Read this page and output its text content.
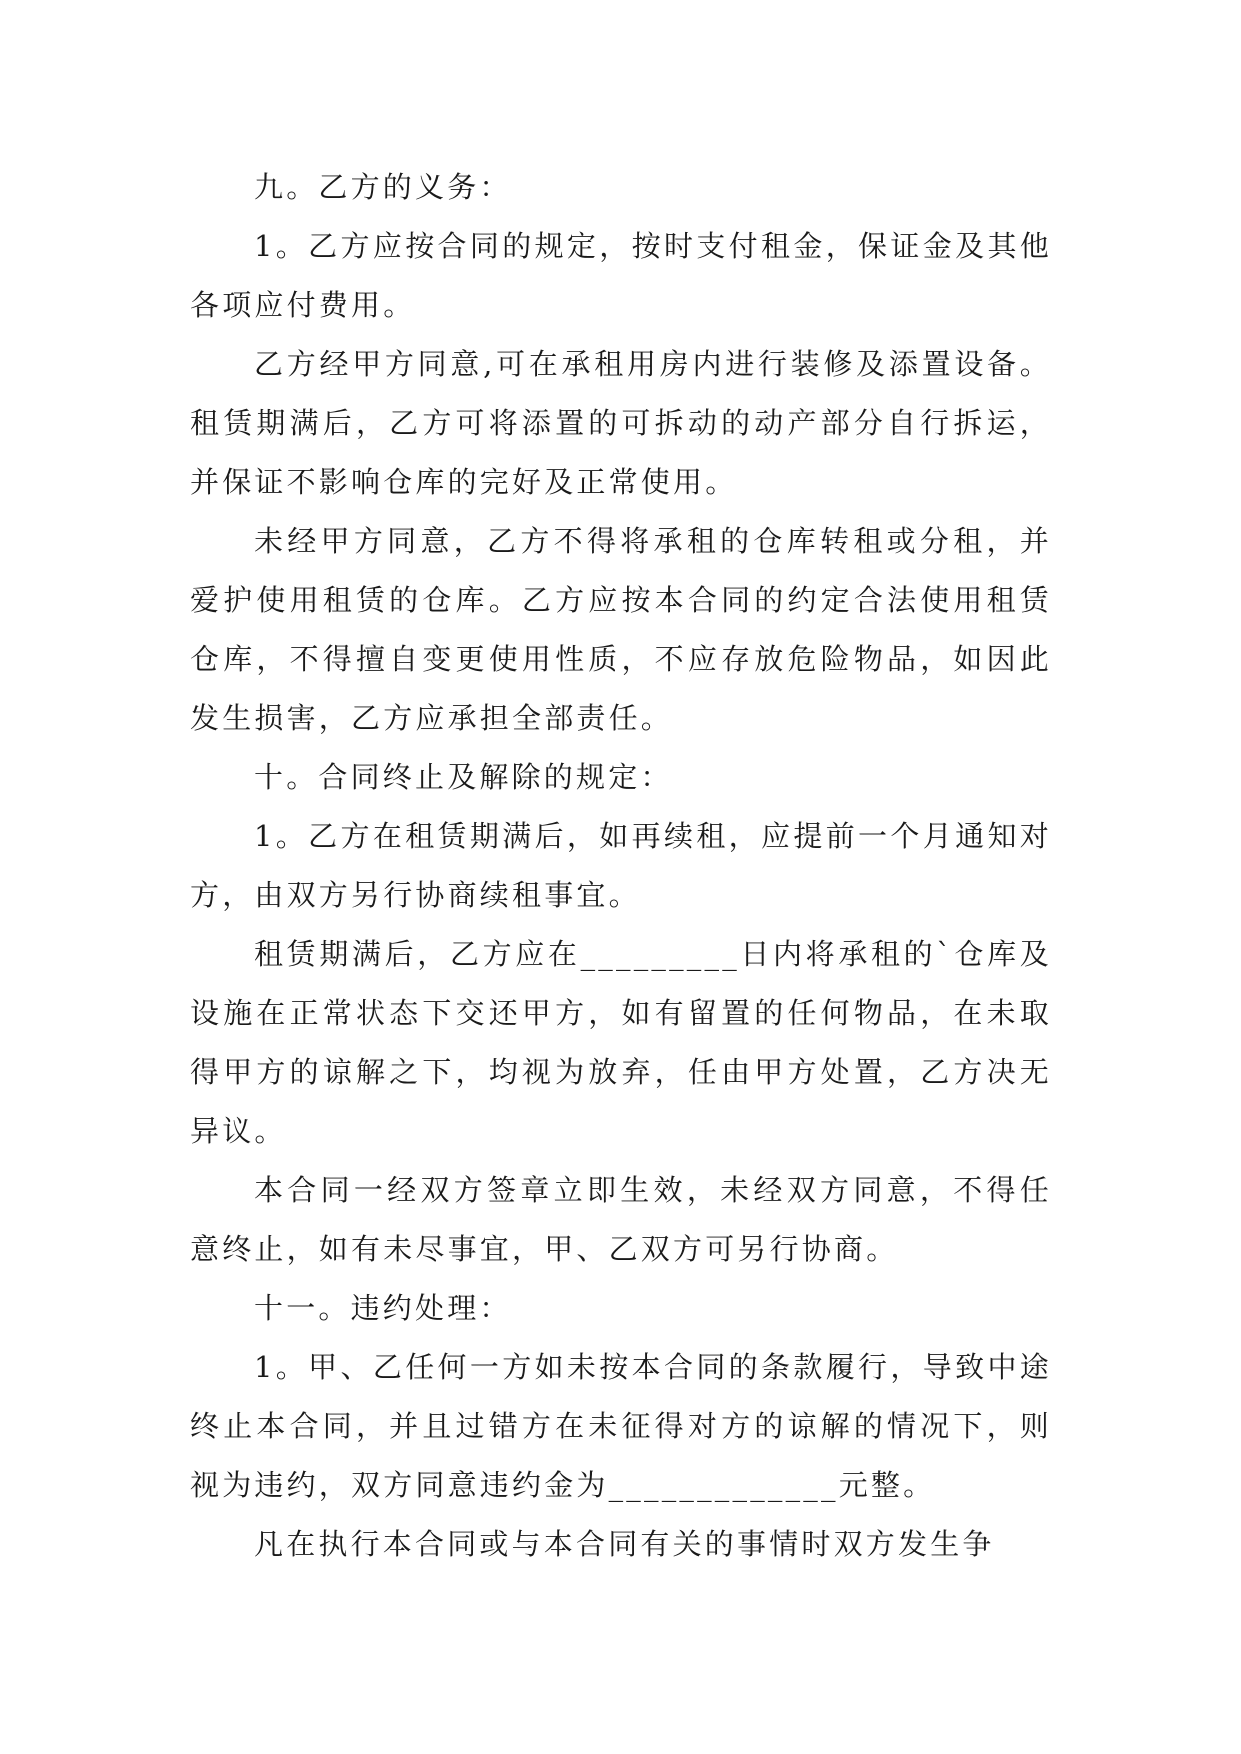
九。乙方的义务：

1。乙方应按合同的规定，按时支付租金，保证金及其他各项应付费用。

乙方经甲方同意,可在承租用房内进行装修及添置设备。租赁期满后，乙方可将添置的可拆动的动产部分自行拆运，并保证不影响仓库的完好及正常使用。

未经甲方同意，乙方不得将承租的仓库转租或分租，并爱护使用租赁的仓库。乙方应按本合同的约定合法使用租赁仓库，不得擅自变更使用性质，不应存放危险物品，如因此发生损害，乙方应承担全部责任。

十。合同终止及解除的规定：

1。乙方在租赁期满后，如再续租，应提前一个月通知对方，由双方另行协商续租事宜。

租赁期满后，乙方应在_________日内将承租的`仓库及设施在正常状态下交还甲方，如有留置的任何物品，在未取得甲方的谅解之下，均视为放弃，任由甲方处置，乙方决无异议。

本合同一经双方签章立即生效，未经双方同意，不得任意终止，如有未尽事宜，甲、乙双方可另行协商。

十一。违约处理：

1。甲、乙任何一方如未按本合同的条款履行，导致中途终止本合同，并且过错方在未征得对方的谅解的情况下，则视为违约，双方同意违约金为_____________元整。

凡在执行本合同或与本合同有关的事情时双方发生争
